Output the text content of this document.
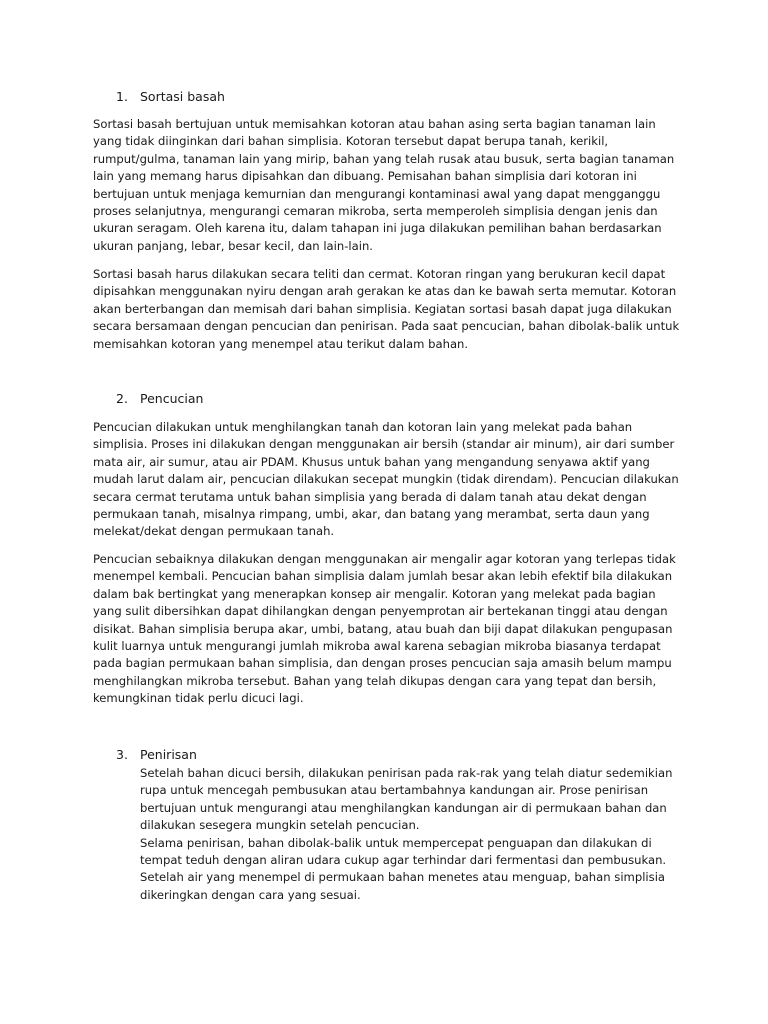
1. Sortasi basah

Sortasi basah bertujuan untuk memisahkan kotoran atau bahan asing serta bagian tanaman lain
yang tidak diinginkan dari bahan simplisia. Kotoran tersebut dapat berupa tanah, kerikil,
rumput/gulma, tanaman lain yang mirip, bahan yang telah rusak atau busuk, serta bagian tanaman
lain yang memang harus dipisahkan dan dibuang. Pemisahan bahan simplisia dari kotoran ini
bertujuan untuk menjaga kemurnian dan mengurangi kontaminasi awal yang dapat mengganggu
proses selanjutnya, mengurangi cemaran mikroba, serta memperoleh simplisia dengan jenis dan
ukuran seragam. Oleh karena itu, dalam tahapan ini juga dilakukan pemilihan bahan berdasarkan
ukuran panjang, lebar, besar kecil, dan lain-lain.

Sortasi basah harus dilakukan secara teliti dan cermat. Kotoran ringan yang berukuran kecil dapat
dipisahkan menggunakan nyiru dengan arah gerakan ke atas dan ke bawah serta memutar. Kotoran
akan berterbangan dan memisah dari bahan simplisia. Kegiatan sortasi basah dapat juga dilakukan
secara bersamaan dengan pencucian dan penirisan. Pada saat pencucian, bahan dibolak-balik untuk
memisahkan kotoran yang menempel atau terikut dalam bahan.

2. Pencucian

Pencucian dilakukan untuk menghilangkan tanah dan kotoran lain yang melekat pada bahan
simplisia. Proses ini dilakukan dengan menggunakan air bersih (standar air minum), air dari sumber
mata air, air sumur, atau air PDAM. Khusus untuk bahan yang mengandung senyawa aktif yang
mudah larut dalam air, pencucian dilakukan secepat mungkin (tidak direndam). Pencucian dilakukan
secara cermat terutama untuk bahan simplisia yang berada di dalam tanah atau dekat dengan
permukaan tanah, misalnya rimpang, umbi, akar, dan batang yang merambat, serta daun yang
melekat/dekat dengan permukaan tanah.

Pencucian sebaiknya dilakukan dengan menggunakan air mengalir agar kotoran yang terlepas tidak
menempel kembali. Pencucian bahan simplisia dalam jumlah besar akan lebih efektif bila dilakukan
dalam bak bertingkat yang menerapkan konsep air mengalir. Kotoran yang melekat pada bagian
yang sulit dibersihkan dapat dihilangkan dengan penyemprotan air bertekanan tinggi atau dengan
disikat. Bahan simplisia berupa akar, umbi, batang, atau buah dan biji dapat dilakukan pengupasan
kulit luarnya untuk mengurangi jumlah mikroba awal karena sebagian mikroba biasanya terdapat
pada bagian permukaan bahan simplisia, dan dengan proses pencucian saja amasih belum mampu
menghilangkan mikroba tersebut. Bahan yang telah dikupas dengan cara yang tepat dan bersih,
kemungkinan tidak perlu dicuci lagi.

3. Penirisan

Setelah bahan dicuci bersih, dilakukan penirisan pada rak-rak yang telah diatur sedemikian
rupa untuk mencegah pembusukan atau bertambahnya kandungan air. Prose penirisan
bertujuan untuk mengurangi atau menghilangkan kandungan air di permukaan bahan dan
dilakukan sesegera mungkin setelah pencucian.
Selama penirisan, bahan dibolak-balik untuk mempercepat penguapan dan dilakukan di
tempat teduh dengan aliran udara cukup agar terhindar dari fermentasi dan pembusukan.
Setelah air yang menempel di permukaan bahan menetes atau menguap, bahan simplisia
dikeringkan dengan cara yang sesuai.
